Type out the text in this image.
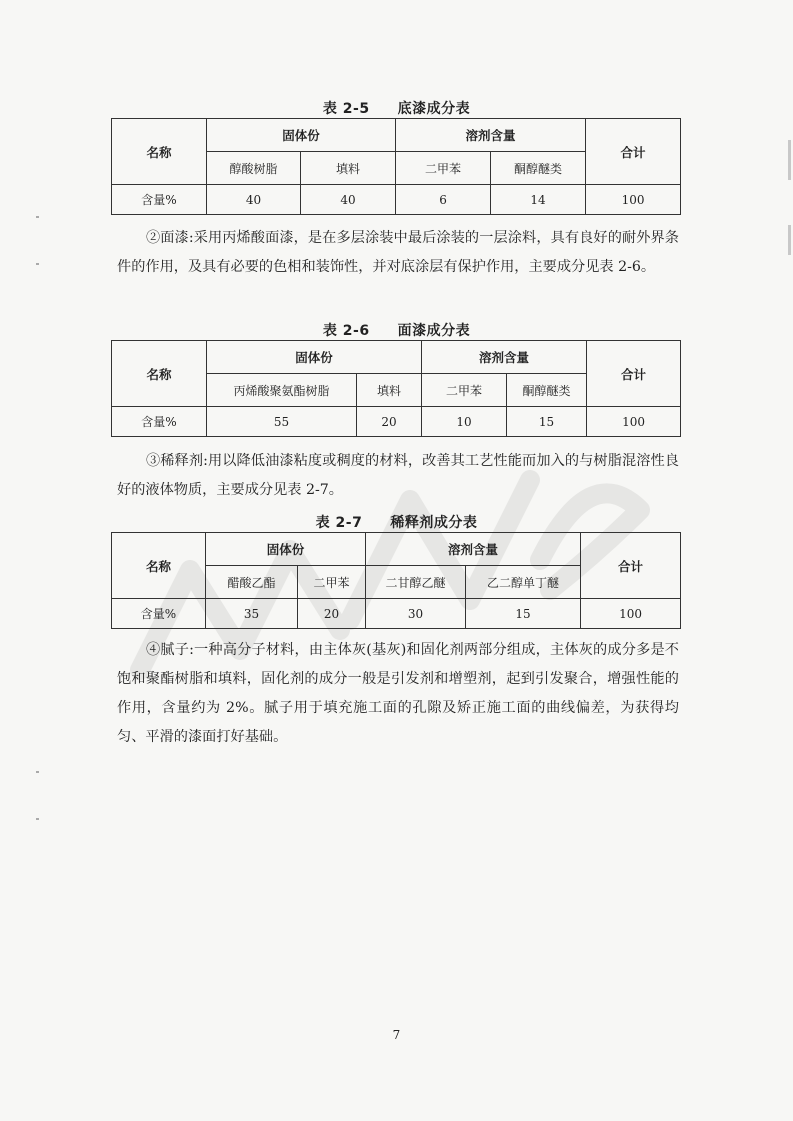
表 2-5 底漆成分表
名称	固体份		溶剂含量		合计
	醇酸树脂	填料	二甲苯	酮醇醚类	
含量%	40	40	6	14	100

②面漆:采用丙烯酸面漆，是在多层涂装中最后涂装的一层涂料，具有良好的耐外界条件的作用，及具有必要的色相和装饰性，并对底涂层有保护作用，主要成分见表 2-6。

表 2-6 面漆成分表
名称	固体份		溶剂含量		合计
	丙烯酸聚氨酯树脂	填料	二甲苯	酮醇醚类	
含量%	55	20	10	15	100

③稀释剂:用以降低油漆粘度或稠度的材料，改善其工艺性能而加入的与树脂混溶性良好的液体物质，主要成分见表 2-7。

表 2-7 稀释剂成分表
名称	固体份		溶剂含量		合计
	醋酸乙酯	二甲苯	二甘醇乙醚	乙二醇单丁醚	
含量%	35	20	30	15	100

④腻子:一种高分子材料，由主体灰(基灰)和固化剂两部分组成，主体灰的成分多是不饱和聚酯树脂和填料，固化剂的成分一般是引发剂和增塑剂，起到引发聚合，增强性能的作用，含量约为 2%。腻子用于填充施工面的孔隙及矫正施工面的曲线偏差，为获得均匀、平滑的漆面打好基础。

7
